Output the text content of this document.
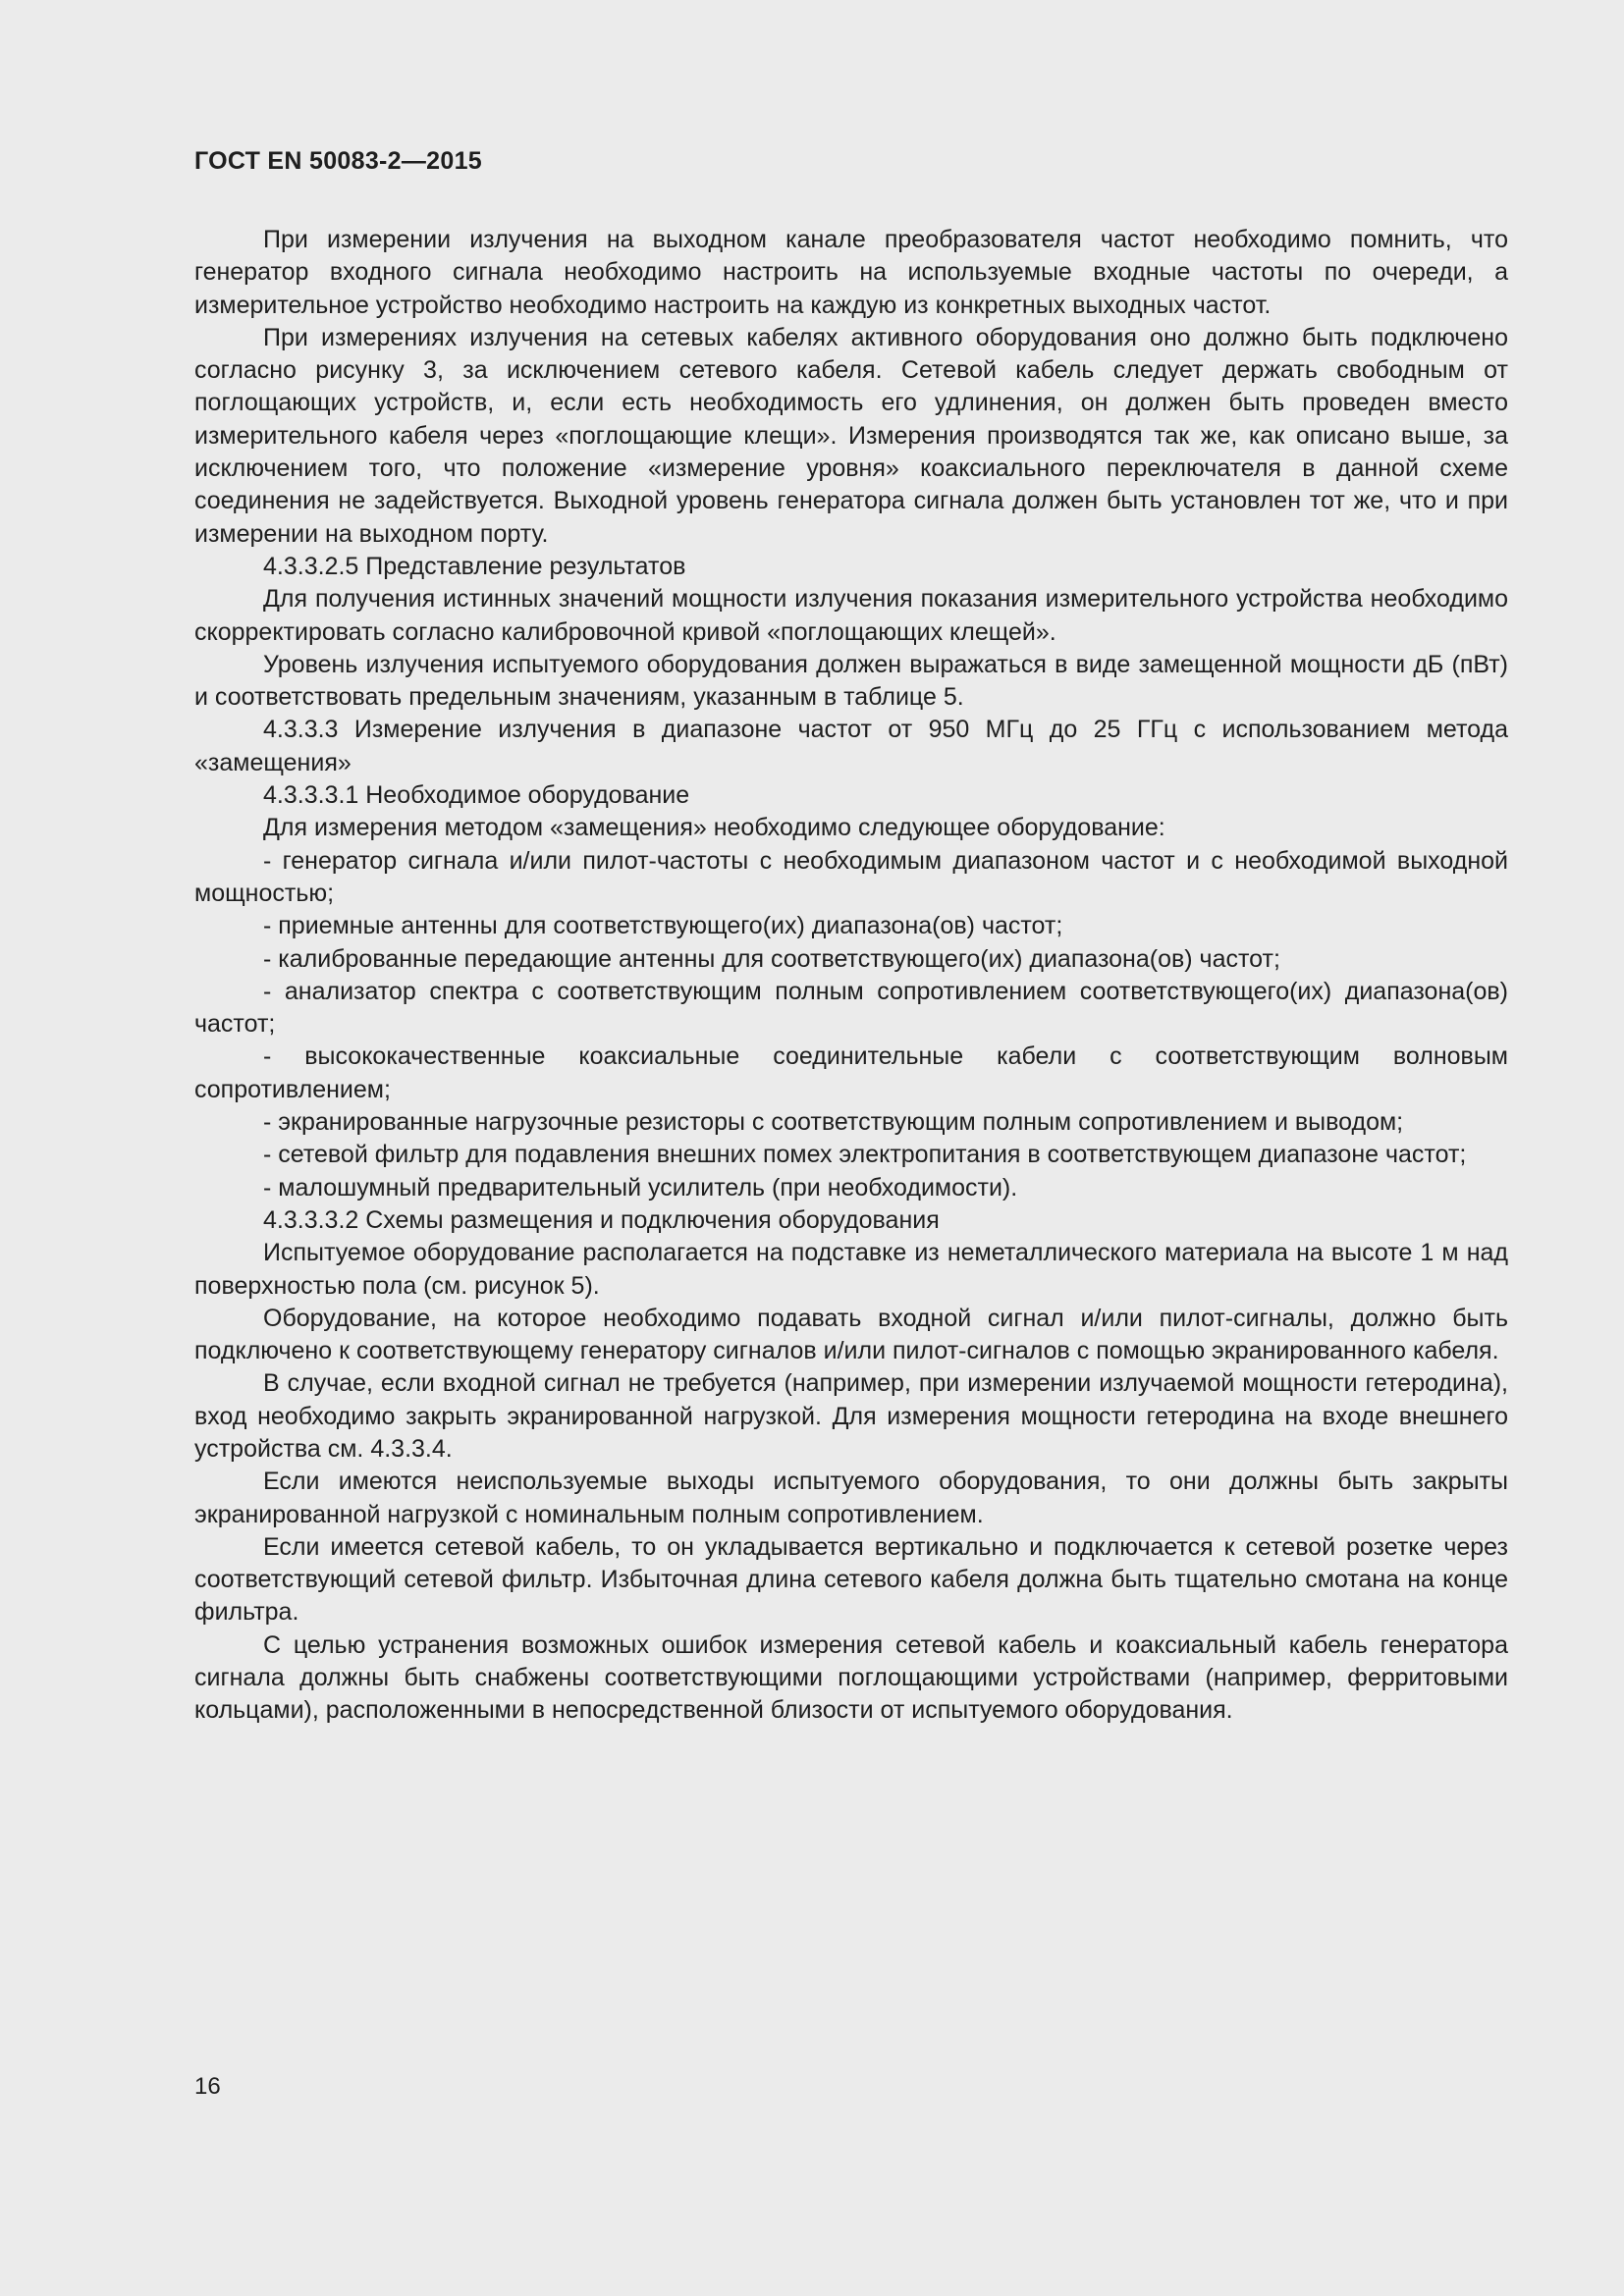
ГОСТ EN 50083-2—2015

При измерении излучения на выходном канале преобразователя частот необходимо помнить, что генератор входного сигнала необходимо настроить на используемые входные частоты по очереди, а измерительное устройство необходимо настроить на каждую из конкретных выходных частот.

При измерениях излучения на сетевых кабелях активного оборудования оно должно быть подключено согласно рисунку 3, за исключением сетевого кабеля. Сетевой кабель следует держать свободным от поглощающих устройств, и, если есть необходимость его удлинения, он должен быть проведен вместо измерительного кабеля через «поглощающие клещи». Измерения производятся так же, как описано выше, за исключением того, что положение «измерение уровня» коаксиального переключателя в данной схеме соединения не задействуется. Выходной уровень генератора сигнала должен быть установлен тот же, что и при измерении на выходном порту.

4.3.3.2.5 Представление результатов

Для получения истинных значений мощности излучения показания измерительного устройства необходимо скорректировать согласно калибровочной кривой «поглощающих клещей».

Уровень излучения испытуемого оборудования должен выражаться в виде замещенной мощности дБ (пВт) и соответствовать предельным значениям, указанным в таблице 5.

4.3.3.3 Измерение излучения в диапазоне частот от 950 МГц до 25 ГГц с использованием метода «замещения»

4.3.3.3.1 Необходимое оборудование

Для измерения методом «замещения» необходимо следующее оборудование:

- генератор сигнала и/или пилот-частоты с необходимым диапазоном частот и с необходимой выходной мощностью;

- приемные антенны для соответствующего(их) диапазона(ов) частот;

- калиброванные передающие антенны для соответствующего(их) диапазона(ов) частот;

- анализатор спектра с соответствующим полным сопротивлением соответствующего(их) диапазона(ов) частот;

- высококачественные коаксиальные соединительные кабели с соответствующим волновым сопротивлением;

- экранированные нагрузочные резисторы с соответствующим полным сопротивлением и выводом;

- сетевой фильтр для подавления внешних помех электропитания в соответствующем диапазоне частот;

- малошумный предварительный усилитель (при необходимости).

4.3.3.3.2 Схемы размещения и подключения оборудования

Испытуемое оборудование располагается на подставке из неметаллического материала на высоте 1 м над поверхностью пола (см. рисунок 5).

Оборудование, на которое необходимо подавать входной сигнал и/или пилот-сигналы, должно быть подключено к соответствующему генератору сигналов и/или пилот-сигналов с помощью экранированного кабеля.

В случае, если входной сигнал не требуется (например, при измерении излучаемой мощности гетеродина), вход необходимо закрыть экранированной нагрузкой. Для измерения мощности гетеродина на входе внешнего устройства см. 4.3.3.4.

Если имеются неиспользуемые выходы испытуемого оборудования, то они должны быть закрыты экранированной нагрузкой с номинальным полным сопротивлением.

Если имеется сетевой кабель, то он укладывается вертикально и подключается к сетевой розетке через соответствующий сетевой фильтр. Избыточная длина сетевого кабеля должна быть тщательно смотана на конце фильтра.

С целью устранения возможных ошибок измерения сетевой кабель и коаксиальный кабель генератора сигнала должны быть снабжены соответствующими поглощающими устройствами (например, ферритовыми кольцами), расположенными в непосредственной близости от испытуемого оборудования.

16
